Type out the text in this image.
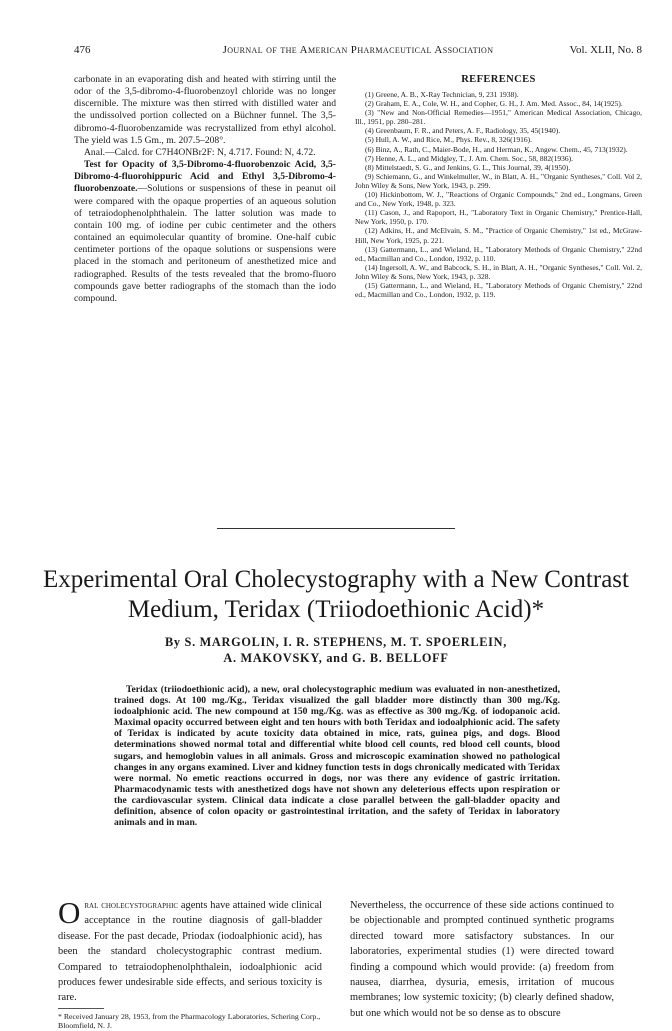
476	Journal of the American Pharmaceutical Association	Vol. XLII, No. 8

carbonate in an evaporating dish and heated with stirring until the odor of the 3,5-dibromo-4-fluorobenzoyl chloride was no longer discernible. The mixture was then stirred with distilled water and the undissolved portion collected on a Büchner funnel. The 3,5-dibromo-4-fluorobenzamide was recrystallized from ethyl alcohol. The yield was 1.5 Gm., m. 207.5–208°.

Anal.—Calcd. for C7H4ONBr2F: N, 4.717. Found: N, 4.72.

Test for Opacity of 3,5-Dibromo-4-fluorobenzoic Acid, 3,5-Dibromo-4-fluorohippuric Acid and Ethyl 3,5-Dibromo-4-fluorobenzoate.—Solutions or suspensions of these in peanut oil were compared with the opaque properties of an aqueous solution of tetraiodophenolphthalein. The latter solution was made to contain 100 mg. of iodine per cubic centimeter and the others contained an equimolecular quantity of bromine. One-half cubic centimeter portions of the opaque solutions or suspensions were placed in the stomach and peritoneum of anesthetized mice and radiographed. Results of the tests revealed that the bromo-fluoro compounds gave better radiographs of the stomach than the iodo compound.

REFERENCES

(1) Greene, A. B., X-Ray Technician, 9, 231 1938).

(2) Graham, E. A., Cole, W. H., and Copher, G. H., J. Am. Med. Assoc., 84, 14(1925).

(3) "New and Non-Official Remedies—1951," American Medical Association, Chicago, Ill., 1951, pp. 280–281.

(4) Greenbaum, F. R., and Peters, A. F., Radiology, 35, 45(1940).

(5) Hull, A. W., and Rice, M., Phys. Rev., 8, 326(1916).

(6) Binz, A., Rath, C., Maier-Bode, H., and Herman, K., Angew. Chem., 45, 713(1932).

(7) Henne, A. L., and Midgley, T., J. Am. Chem. Soc., 58, 882(1936).

(8) Mittelstaedt, S. G., and Jenkins, G. L., This Journal, 39, 4(1950).

(9) Schiemann, G., and Winkelmuller, W., in Blatt, A. H., "Organic Syntheses," Coll. Vol 2, John Wiley & Sons, New York, 1943, p. 299.

(10) Hickinbottom, W. J., "Reactions of Organic Compounds," 2nd ed., Longmans, Green and Co., New York, 1948, p. 323.

(11) Cason, J., and Rapoport, H., "Laboratory Text in Organic Chemistry," Prentice-Hall, New York, 1950, p. 170.

(12) Adkins, H., and McElvain, S. M., "Practice of Organic Chemistry," 1st ed., McGraw-Hill, New York, 1925, p. 221.

(13) Gattermann, L., and Wieland, H., "Laboratory Methods of Organic Chemistry," 22nd ed., Macmillan and Co., London, 1932, p. 110.

(14) Ingersoll, A. W., and Babcock, S. H., in Blatt, A. H., "Organic Syntheses," Coll. Vol. 2, John Wiley & Sons, New York, 1943, p. 328.

(15) Gattermann, L., and Wieland, H., "Laboratory Methods of Organic Chemistry," 22nd ed., Macmillan and Co., London, 1932, p. 119.

Experimental Oral Cholecystography with a New Contrast Medium, Teridax (Triiodoethionic Acid)*
By S. MARGOLIN, I. R. STEPHENS, M. T. SPOERLEIN,
A. MAKOVSKY, and G. B. BELLOFF

Teridax (triiodoethionic acid), a new, oral cholecystographic medium was evaluated in non-anesthetized, trained dogs. At 100 mg./Kg., Teridax visualized the gall bladder more distinctly than 300 mg./Kg. iodoalphionic acid. The new compound at 150 mg./Kg. was as effective as 300 mg./Kg. of iodopanoic acid. Maximal opacity occurred between eight and ten hours with both Teridax and iodoalphionic acid. The safety of Teridax is indicated by acute toxicity data obtained in mice, rats, guinea pigs, and dogs. Blood determinations showed normal total and differential white blood cell counts, red blood cell counts, blood sugars, and hemoglobin values in all animals. Gross and microscopic examination showed no pathological changes in any organs examined. Liver and kidney function tests in dogs chronically medicated with Teridax were normal. No emetic reactions occurred in dogs, nor was there any evidence of gastric irritation. Pharmacodynamic tests with anesthetized dogs have not shown any deleterious effects upon respiration or the cardiovascular system. Clinical data indicate a close parallel between the gall-bladder opacity and definition, absence of colon opacity or gastrointestinal irritation, and the safety of Teridax in laboratory animals and in man.

Oral cholecystographic agents have attained wide clinical acceptance in the routine diagnosis of gall-bladder disease. For the past decade, Priodax (iodoalphionic acid), has been the standard cholecystographic contrast medium. Compared to tetraiodophenolphthalein, iodoalphionic acid produces fewer undesirable side effects, and serious toxicity is rare.

* Received January 28, 1953, from the Pharmacology Laboratories, Schering Corp., Bloomfield, N. J.

Nevertheless, the occurrence of these side actions continued to be objectionable and prompted continued synthetic programs directed toward more satisfactory substances. In our laboratories, experimental studies (1) were directed toward finding a compound which would provide: (a) freedom from nausea, diarrhea, dysuria, emesis, irritation of mucous membranes; low systemic toxicity; (b) clearly defined shadow, but one which would not be so dense as to obscure
